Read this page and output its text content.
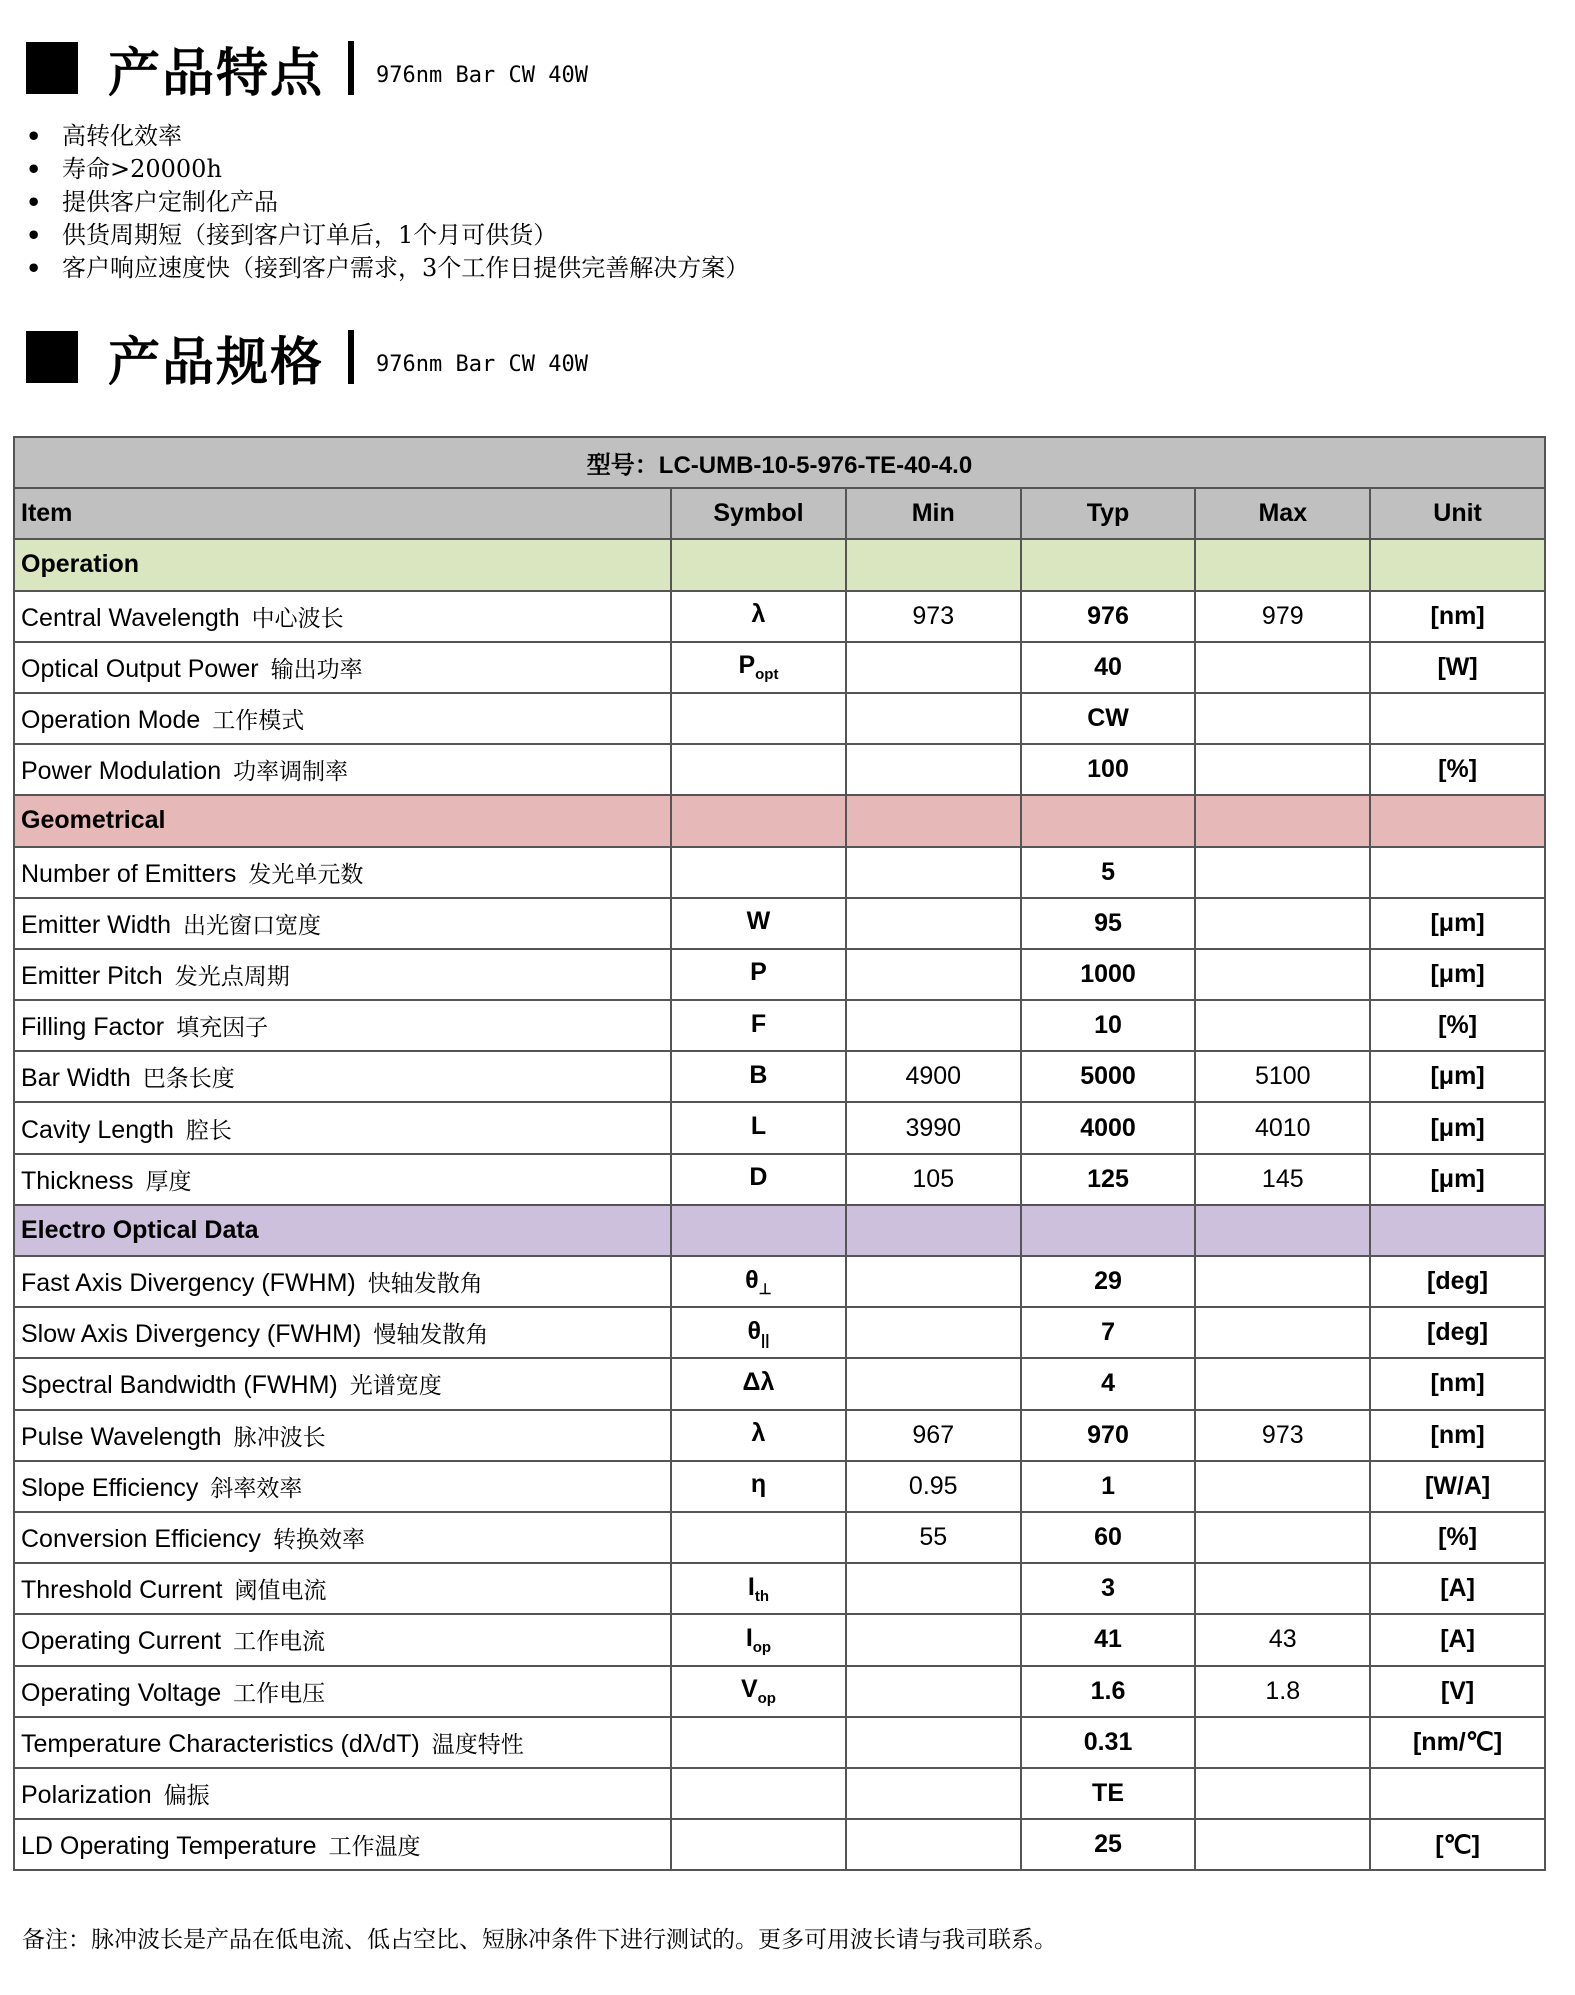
产品特点 976nm Bar CW 40W
• 高转化效率
• 寿命>20000h
• 提供客户定制化产品
• 供货周期短（接到客户订单后，1个月可供货）
• 客户响应速度快（接到客户需求，3个工作日提供完善解决方案）
产品规格 976nm Bar CW 40W
型号：LC-UMB-10-5-976-TE-40-4.0					
Item	Symbol	Min	Typ	Max	Unit
Operation					
Central Wavelength 中心波长	λ	973	976	979	[nm]
Optical Output Power 输出功率	$P_{opt}$		40		[W]
Operation Mode 工作模式			CW		
Power Modulation 功率调制率			100		[%]
Geometrical					
Number of Emitters 发光单元数			5		
Emitter Width 出光窗口宽度	W		95		[μm]
Emitter Pitch 发光点周期	P		1000		[μm]
Filling Factor 填充因子	F		10		[%]
Bar Width 巴条长度	B	4900	5000	5100	[μm]
Cavity Length 腔长	L	3990	4000	4010	[μm]
Thickness 厚度	D	105	125	145	[μm]
Electro Optical Data					
Fast Axis Divergency (FWHM) 快轴发散角	$\theta_\perp$		29		[deg]
Slow Axis Divergency (FWHM) 慢轴发散角	$\theta_{||}$		7		[deg]
Spectral Bandwidth (FWHM) 光谱宽度	Δλ		4		[nm]
Pulse Wavelength 脉冲波长	λ	967	970	973	[nm]
Slope Efficiency 斜率效率	η	0.95	1		[W/A]
Conversion Efficiency 转换效率		55	60		[%]
Threshold Current 阈值电流	$I_{th}$		3		[A]
Operating Current 工作电流	$I_{op}$		41	43	[A]
Operating Voltage 工作电压	$V_{op}$		1.6	1.8	[V]
Temperature Characteristics (dλ/dT) 温度特性			0.31		[nm/℃]
Polarization 偏振			TE		
LD Operating Temperature 工作温度			25		[℃]
备注：脉冲波长是产品在低电流、低占空比、短脉冲条件下进行测试的。更多可用波长请与我司联系。
